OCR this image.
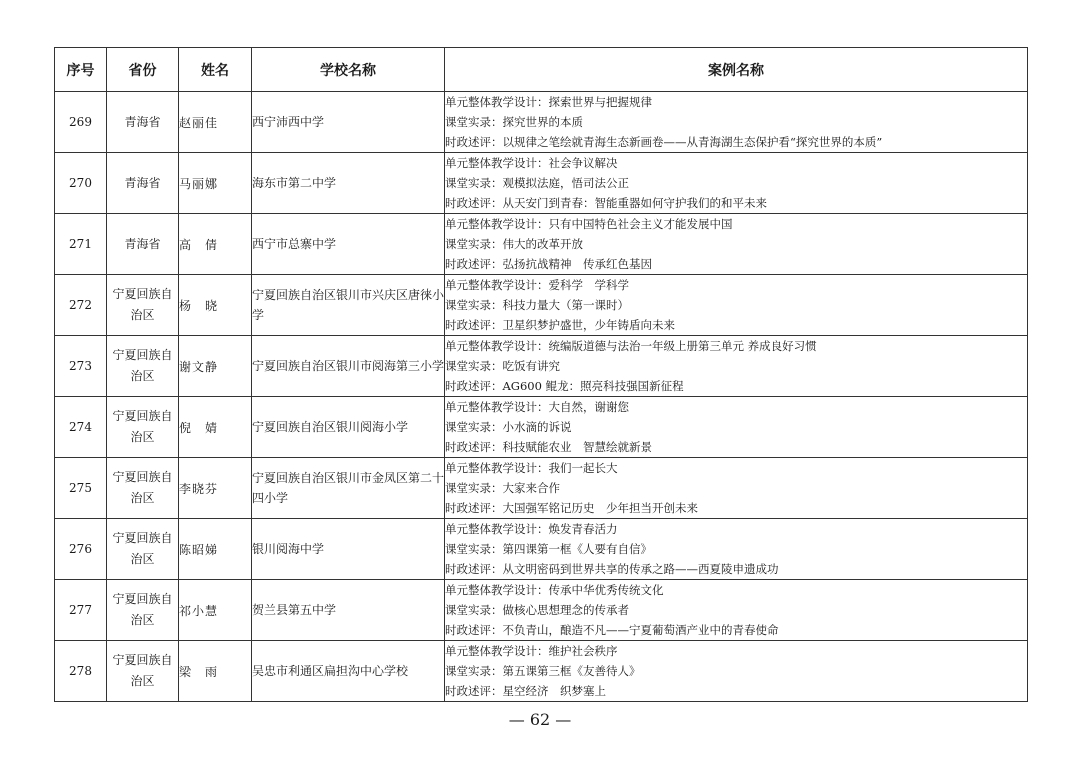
序号	省份	姓名	学校名称	案例名称
269	青海省	赵丽佳	西宁沛西中学	单元整体教学设计：探索世界与把握规律
课堂实录：探究世界的本质
时政述评：以规律之笔绘就青海生态新画卷——从青海湖生态保护看“探究世界的本质”

270	青海省	马丽娜	海东市第二中学	单元整体教学设计：社会争议解决
课堂实录：观模拟法庭，悟司法公正
时政述评：从天安门到青春：智能重器如何守护我们的和平未来

271	青海省	高　倩	西宁市总寨中学	单元整体教学设计：只有中国特色社会主义才能发展中国
课堂实录：伟大的改革开放
时政述评：弘扬抗战精神　传承红色基因

272	宁夏回族自治区	杨　晓	宁夏回族自治区银川市兴庆区唐徕小学	单元整体教学设计：爱科学　学科学
课堂实录：科技力量大（第一课时）
时政述评：卫星织梦护盛世，少年铸盾向未来

273	宁夏回族自治区	谢文静	宁夏回族自治区银川市阅海第三小学	单元整体教学设计：统编版道德与法治一年级上册第三单元 养成良好习惯
课堂实录：吃饭有讲究
时政述评：AG600 鲲龙：照亮科技强国新征程

274	宁夏回族自治区	倪　婧	宁夏回族自治区银川阅海小学	单元整体教学设计：大自然，谢谢您
课堂实录：小水滴的诉说
时政述评：科技赋能农业　智慧绘就新景

275	宁夏回族自治区	李晓芬	宁夏回族自治区银川市金凤区第二十四小学	单元整体教学设计：我们一起长大
课堂实录：大家来合作
时政述评：大国强军铭记历史　少年担当开创未来

276	宁夏回族自治区	陈昭娣	银川阅海中学	单元整体教学设计：焕发青春活力
课堂实录：第四课第一框《人要有自信》
时政述评：从文明密码到世界共享的传承之路——西夏陵申遗成功

277	宁夏回族自治区	祁小慧	贺兰县第五中学	单元整体教学设计：传承中华优秀传统文化
课堂实录：做核心思想理念的传承者
时政述评：不负青山，酿造不凡——宁夏葡萄酒产业中的青春使命

278	宁夏回族自治区	梁　雨	吴忠市利通区扁担沟中心学校	单元整体教学设计：维护社会秩序
课堂实录：第五课第三框《友善待人》
时政述评：星空经济　织梦塞上
— 62 —
